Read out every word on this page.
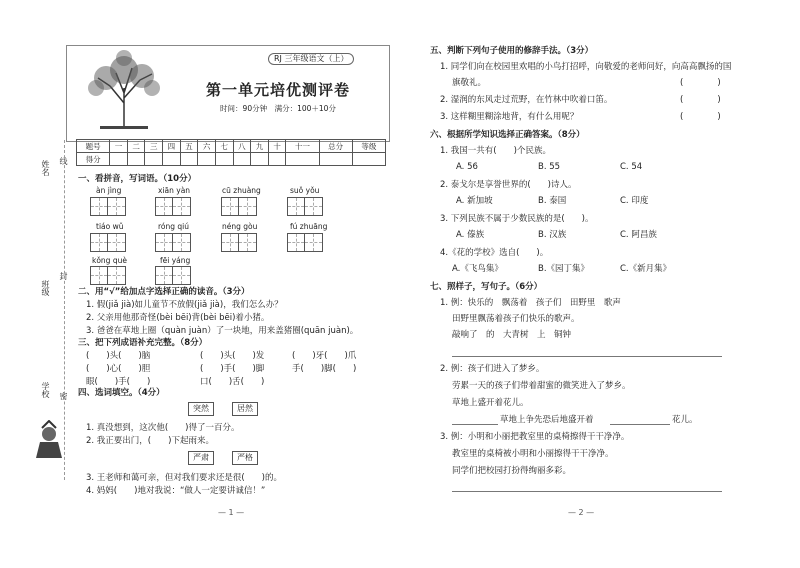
RJ 三年级语文（上）
第一单元培优测评卷
时间：90分钟　满分：100＋10分
姓名 线
班级
封
学校 密
题号	一	二	三	四	五	六	七	八	九	十	十一	总分	等级
得分													
一、看拼音，写词语。（10分）
àn jìng	xiān yàn	cū zhuàng	suǒ yǒu
tiáo wǔ	róng qiú	néng gòu	fú zhuāng
kǒng què	fēi yáng
二、用“√”给加点字选择正确的读音。（3分）
1. 假(jiǎ jià)如儿童节不放假(jiǎ jià)，我们怎么办？
2. 父亲用他那奇怪(bèi bēi)背(bèi bēi)着小猪。
3. 爸爸在草地上圈（quàn juàn）了一块地，用来盖猪圈(quān juàn)。
三、把下列成语补充完整。（8分）
(　　)头(　　)脑	(　　)头(　　)发	(　　)牙(　　)爪
(　　)心(　　)胆	(　　)手(　　)脚	手(　　)脚(　　)
眼(　　)手(　　)	口(　　)舌(　　)
四、选词填空。（4分）
突然	居然
1. 真没想到，这次他(　　)得了一百分。
2. 我正要出门，(　　)下起雨来。
严肃	严格
3. 王老师和蔼可亲，但对我们要求还是很(　　)的。
4. 妈妈(　　)地对我说：“做人一定要讲诚信！”
— 1 —
五、判断下列句子使用的修辞手法。（3分）
1. 同学们向在校园里欢唱的小鸟打招呼，向敬爱的老师问好，向高高飘扬的国
旗敬礼。	(　　　　)
2. 湿润的东风走过荒野，在竹林中吹着口笛。	(　　　　)
3. 这样糊里糊涂地背，有什么用呢？	(　　　　)
六、根据所学知识选择正确答案。（8分）
1. 我国一共有(　　)个民族。
A. 56	B. 55	C. 54
2. 泰戈尔是享誉世界的(　　)诗人。
A. 新加坡	B. 泰国	C. 印度
3. 下列民族不属于少数民族的是(　　)。
A. 傣族	B. 汉族	C. 阿昌族
4.《花的学校》选自(　　)。
A.《飞鸟集》	B.《园丁集》	C.《新月集》
七、照样子，写句子。（6分）
1. 例：快乐的　飘荡着　孩子们　田野里　歌声
田野里飘荡着孩子们快乐的歌声。
敲响了　的　大青树　上　铜钟
2. 例：孩子们进入了梦乡。
劳累一天的孩子们带着甜蜜的微笑进入了梦乡。
草地上盛开着花儿。
草地上争先恐后地盛开着	花儿。
3. 例：小明和小丽把教室里的桌椅擦得干干净净。
教室里的桌椅被小明和小丽擦得干干净净。
同学们把校园打扮得绚丽多彩。
— 2 —
